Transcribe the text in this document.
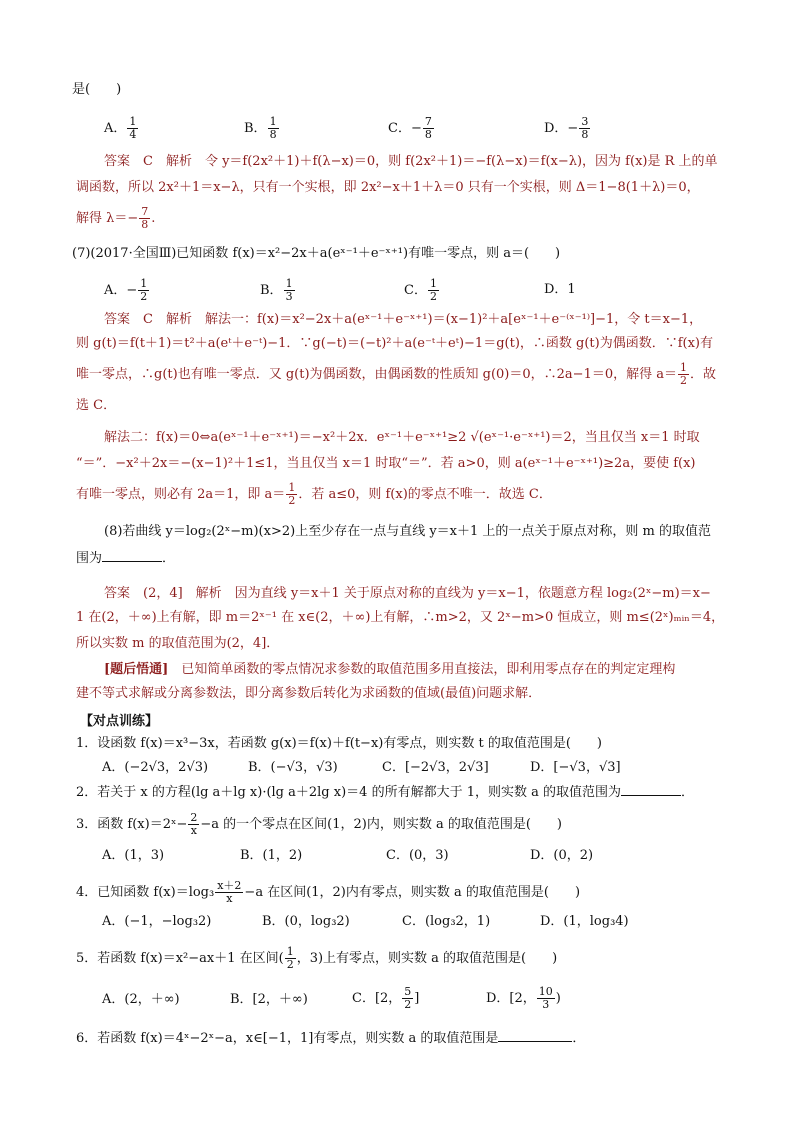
是(　　)
A． $\frac{1}{4}$	B． $\frac{1}{8}$	C．− $\frac{7}{8}$	D．− $\frac{3}{8}$
答案　C　解析　令 y＝f(2x²＋1)＋f(λ−x)＝0，则 f(2x²＋1)＝−f(λ−x)＝f(x−λ)，因为 f(x)是 R 上的单
调函数，所以 2x²＋1＝x−λ，只有一个实根，即 2x²−x＋1＋λ＝0 只有一个实根，则 Δ＝1−8(1＋λ)＝0，
解得 $\lambda=- \frac{7}{8}$ .
(7)(2017·全国Ⅲ)已知函数 f(x)＝x²−2x＋a(eˣ⁻¹＋e⁻ˣ⁺¹)有唯一零点，则 a＝(　　)
A．− $\frac{1}{2}$	B． $\frac{1}{3}$	C． $\frac{1}{2}$	D．1
答案　C　解析　解法一：f(x)＝x²−2x＋a(eˣ⁻¹＋e⁻ˣ⁺¹)＝(x−1)²＋a[eˣ⁻¹＋e⁻⁽ˣ⁻¹⁾]−1，令 t＝x−1，
则 g(t)＝f(t＋1)＝t²＋a(eᵗ＋e⁻ᵗ)−1．∵g(−t)＝(−t)²＋a(e⁻ᵗ＋eᵗ)−1＝g(t)，∴函数 g(t)为偶函数．∵f(x)有
唯一零点，∴g(t)也有唯一零点．又 g(t)为偶函数，由偶函数的性质知 g(0)＝0，∴2a−1＝0，解得 $a= \frac{1}{2}$ ．故
选 C．
解法二：f(x)＝0⇔a(eˣ⁻¹＋e⁻ˣ⁺¹)＝−x²＋2x．eˣ⁻¹＋e⁻ˣ⁺¹≥2 √(eˣ⁻¹·e⁻ˣ⁺¹)＝2，当且仅当 x＝1 时取
“＝”．−x²＋2x＝−(x−1)²＋1≤1，当且仅当 x＝1 时取“＝”．若 a>0，则 a(eˣ⁻¹＋e⁻ˣ⁺¹)≥2a，要使 f(x)
有唯一零点，则必有 2a＝1，即 $a= \frac{1}{2}$ ．若 a≤0，则 f(x)的零点不唯一．故选 C．
(8)若曲线 y＝log₂(2ˣ−m)(x>2)上至少存在一点与直线 y＝x＋1 上的一点关于原点对称，则 m 的取值范
围为	．
答案　(2，4]　解析　因为直线 y＝x＋1 关于原点对称的直线为 y＝x−1，依题意方程 log₂(2ˣ−m)＝x−
1 在(2，＋∞)上有解，即 m＝2ˣ⁻¹ 在 x∈(2，＋∞)上有解，∴m>2，又 2ˣ−m>0 恒成立，则 m≤(2ˣ)ₘᵢₙ＝4，
所以实数 m 的取值范围为(2，4]．
[题后悟通]　 已知简单函数的零点情况求参数的取值范围多用直接法，即利用零点存在的判定定理构
建不等式求解或分离参数法，即分离参数后转化为求函数的值域(最值)问题求解．
【对点训练】
1．设函数 f(x)＝x³−3x，若函数 g(x)＝f(x)＋f(t−x)有零点，则实数 t 的取值范围是(　　)
A．(−2√3，2√3)	B．(−√3，√3)	C．[−2√3，2√3]	D．[−√3，√3]
2．若关于 x 的方程(lg a＋lg x)·(lg a＋2lg x)＝4 的所有解都大于 1，则实数 a 的取值范围为	．
3．函数 f(x)＝2ˣ− $\frac{2}{x} -a$ 的一个零点在区间(1，2)内，则实数 a 的取值范围是(　　)
A．(1，3)	B．(1，2)	C．(0，3)	D．(0，2)
4．已知函数 $f(x)=\log_3 \frac{x+2}{x} -a$ 在区间(1，2)内有零点，则实数 a 的取值范围是(　　)
A．(−1，−log₃2)	B．(0，log₃2)	C．(log₃2，1)	D．(1，log₃4)
5．若函数 f(x)＝x²−ax＋1 在区间( $\frac{1}{2}$ ，3)上有零点，则实数 a 的取值范围是(　　)
A．(2，＋∞)	B．[2，＋∞)	C．[2， $\frac{5}{2}$ ]	D．[2， $\frac{10}{3}$ )
6．若函数 f(x)＝4ˣ−2ˣ−a，x∈[−1，1]有零点，则实数 a 的取值范围是	．
